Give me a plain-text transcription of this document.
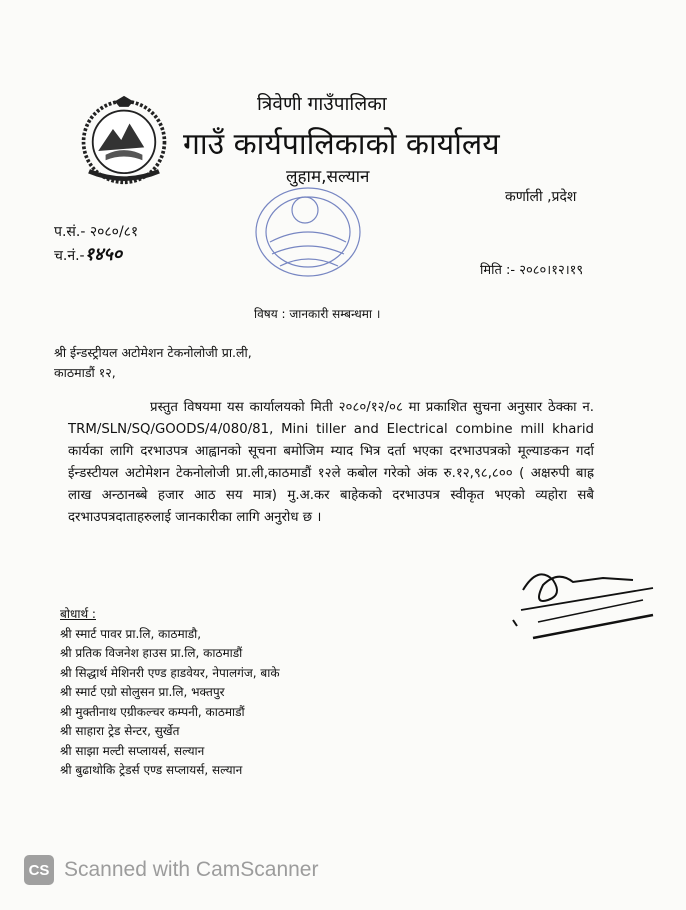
त्रिवेणी गाउँपालिका
गाउँ कार्यपालिकाको कार्यालय
लुहाम,सल्यान
कर्णाली ,प्रदेश
प.सं.- २०८०/८१
च.नं.-१४५०
मिति :- २०८०।१२।१९
विषय : जानकारी सम्बन्धमा ।
श्री ईन्डस्ट्रीयल अटोमेशन टेकनोलोजी प्रा.ली,
काठमाडौं १२,
प्रस्तुत विषयमा यस कार्यालयको मिती २०८०/१२/०८ मा प्रकाशित सुचना अनुसार ठेक्का न. TRM/SLN/SQ/GOODS/4/080/81, Mini tiller and Electrical combine mill kharid कार्यका लागि दरभाउपत्र आह्वानको सूचना बमोजिम म्याद भित्र दर्ता भएका दरभाउपत्रको मूल्याङकन गर्दा ईन्डस्टीयल अटोमेशन टेकनोलोजी प्रा.ली,काठमाडौं १२ले कबोल गरेको अंक रु.१२,९८,८०० ( अक्षरुपी बाह्र लाख अन्ठानब्बे हजार आठ सय मात्र) मु.अ.कर बाहेकको दरभाउपत्र स्वीकृत भएको व्यहोरा सबै दरभाउपत्रदाताहरुलाई जानकारीका लागि अनुरोध छ ।
बोधार्थ :
श्री स्मार्ट पावर प्रा.लि, काठमाडौ,
श्री प्रतिक विजनेश हाउस प्रा.लि, काठमाडौं
श्री सिद्धार्थ मेशिनरी एण्ड हाडवेयर, नेपालगंज, बाके
श्री स्मार्ट एग्रो सोलुसन प्रा.लि, भक्तपुर
श्री मुक्तीनाथ एग्रीकल्चर कम्पनी, काठमाडौं
श्री साहारा ट्रेड सेन्टर, सुर्खेत
श्री साझा मल्टी सप्लायर्स, सल्यान
श्री बुढाथोकि ट्रेडर्स एण्ड सप्लायर्स, सल्यान
CS Scanned with CamScanner
